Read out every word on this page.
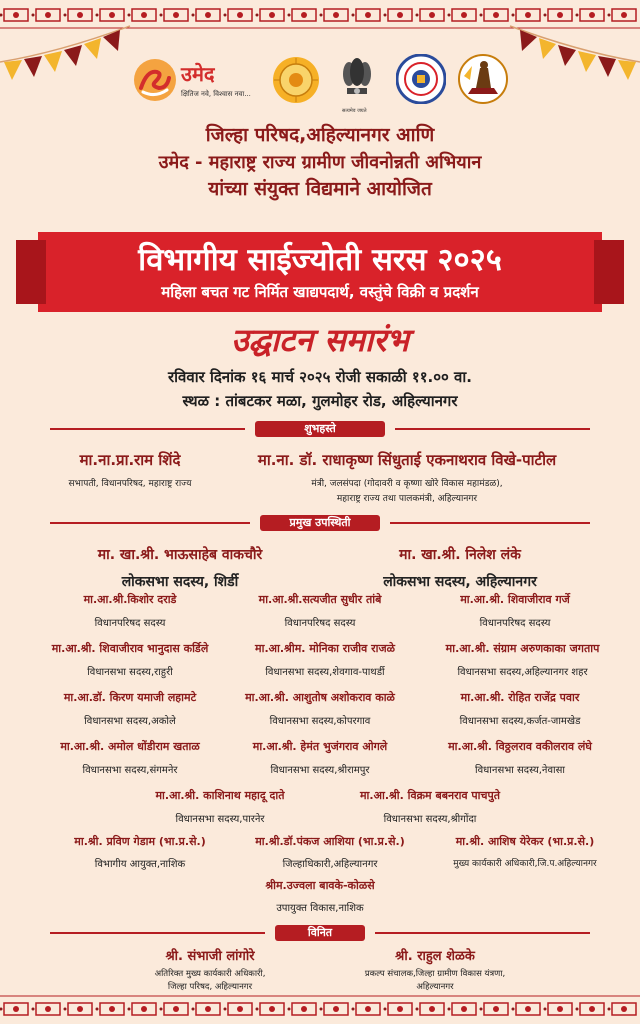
उमेद
क्षितिज नवे, विश्वास नवा...
सत्यमेव जयते
जिल्हा परिषद,अहिल्यानगर आणि
उमेद - महाराष्ट्र राज्य ग्रामीण जीवनोन्नती अभियान
यांच्या संयुक्त विद्यमाने आयोजित
विभागीय साईज्योती सरस २०२५
महिला बचत गट निर्मित खाद्यपदार्थ, वस्तुंचे विक्री व प्रदर्शन
उद्घाटन समारंभ
रविवार दिनांक १६ मार्च २०२५ रोजी सकाळी ११.०० वा.
स्थळ : तांबटकर मळा, गुलमोहर रोड, अहिल्यानगर
शुभहस्ते
मा.ना.प्रा.राम शिंदे
सभापती, विधानपरिषद, महाराष्ट्र राज्य
मा.ना. डॉ. राधाकृष्ण सिंधुताई एकनाथराव विखे-पाटील
मंत्री, जलसंपदा (गोदावरी व कृष्णा खोरे विकास महामंडळ),
महाराष्ट्र राज्य तथा पालकमंत्री, अहिल्यानगर
प्रमुख उपस्थिती
मा. खा.श्री. भाऊसाहेब वाकचौरे
लोकसभा सदस्य, शिर्डी
मा. खा.श्री. निलेश लंके
लोकसभा सदस्य, अहिल्यानगर
मा.आ.श्री.किशोर दराडे
विधानपरिषद सदस्य
मा.आ.श्री.सत्यजीत सुधीर तांबे
विधानपरिषद सदस्य
मा.आ.श्री. शिवाजीराव गर्जे
विधानपरिषद सदस्य
मा.आ.श्री. शिवाजीराव भानुदास कर्डिले
विधानसभा सदस्य,राहुरी
मा.आ.श्रीम. मोनिका राजीव राजळे
विधानसभा सदस्य,शेवगाव-पाथर्डी
मा.आ.श्री. संग्राम अरुणकाका जगताप
विधानसभा सदस्य,अहिल्यानगर शहर
मा.आ.डॉ. किरण यमाजी लहामटे
विधानसभा सदस्य,अकोले
मा.आ.श्री. आशुतोष अशोकराव काळे
विधानसभा सदस्य,कोपरगाव
मा.आ.श्री. रोहित राजेंद्र पवार
विधानसभा सदस्य,कर्जत-जामखेड
मा.आ.श्री. अमोल धोंडीराम खताळ
विधानसभा सदस्य,संगमनेर
मा.आ.श्री. हेमंत भुजंगराव ओगले
विधानसभा सदस्य,श्रीरामपुर
मा.आ.श्री. विठ्ठलराव वकीलराव लंघे
विधानसभा सदस्य,नेवासा
मा.आ.श्री. काशिनाथ महादू दाते
विधानसभा सदस्य,पारनेर
मा.आ.श्री. विक्रम बबनराव पाचपुते
विधानसभा सदस्य,श्रीगोंदा
मा.श्री. प्रविण गेडाम (भा.प्र.से.)
विभागीय आयुक्त,नाशिक
मा.श्री.डॉ.पंकज आशिया (भा.प्र.से.)
जिल्हाधिकारी,अहिल्यानगर
मा.श्री. आशिष येरेकर (भा.प्र.से.)
मुख्य कार्यकारी अधिकारी,जि.प.अहिल्यानगर
श्रीम.उज्वला बावके-कोळसे
उपायुक्त विकास,नाशिक
विनित
श्री. संभाजी लांगोरे
अतिरिक्त मुख्य कार्यकारी अधिकारी,
जिल्हा परिषद, अहिल्यानगर
श्री. राहुल शेळके
प्रकल्प संचालक,जिल्हा ग्रामीण विकास यंत्रणा,
अहिल्यानगर
